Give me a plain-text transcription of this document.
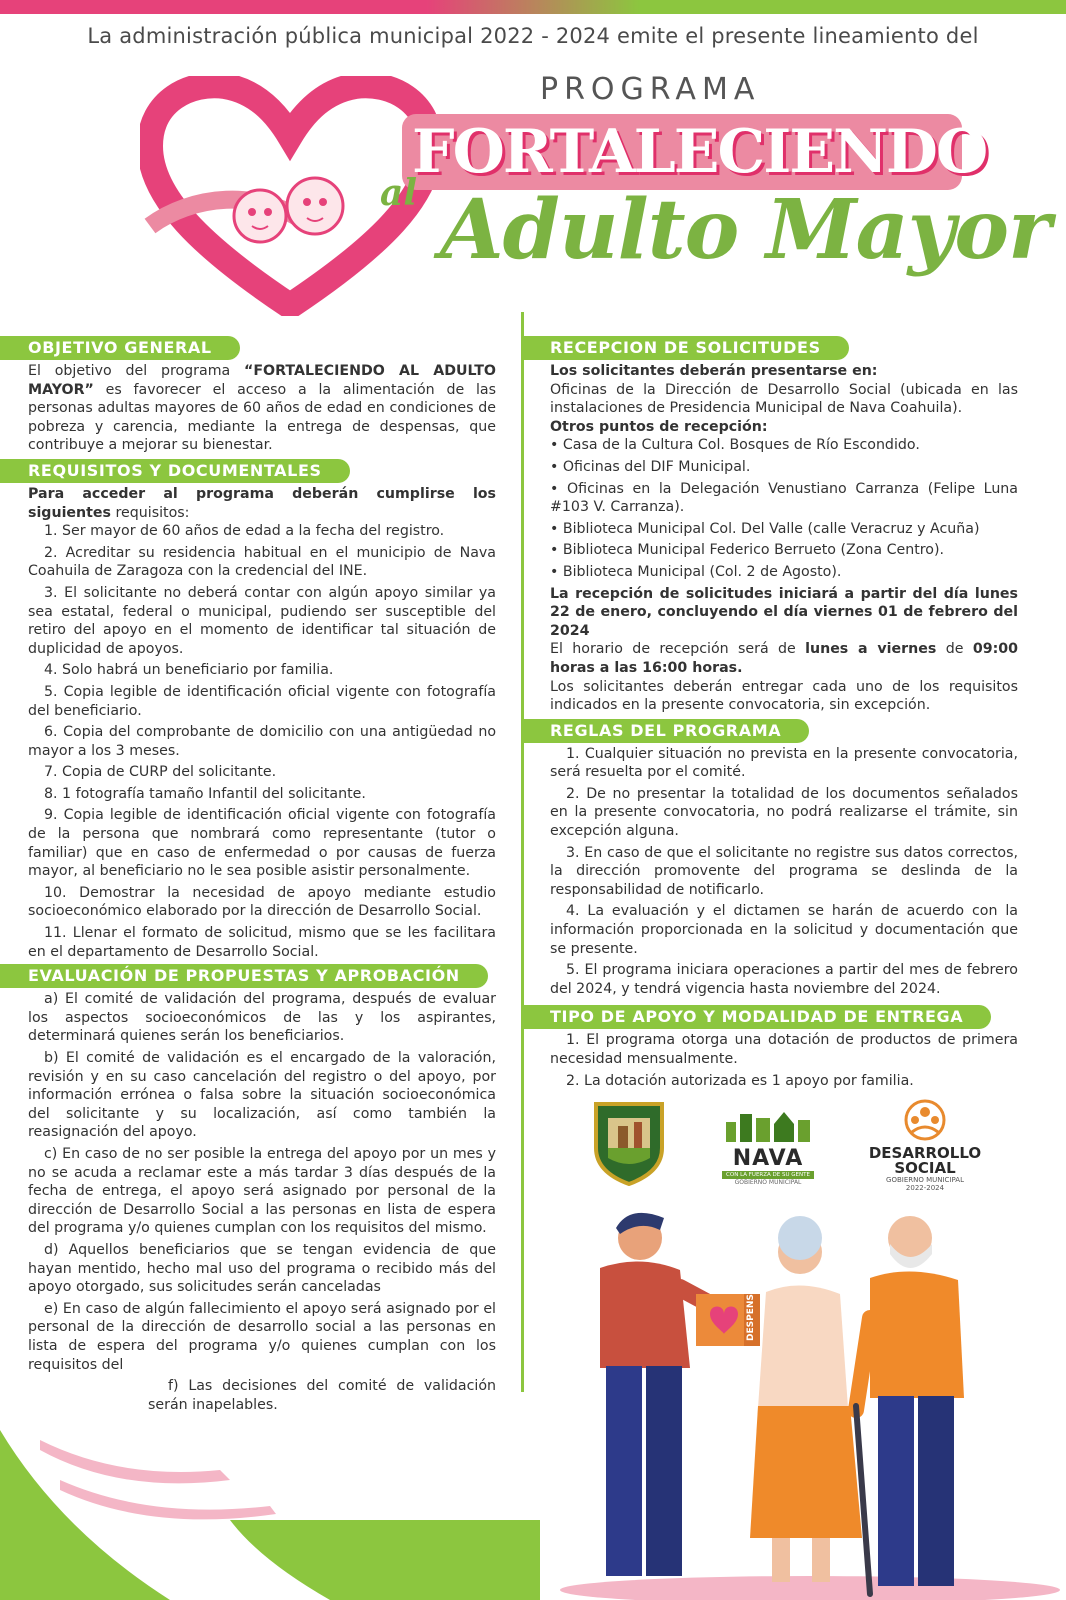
La administración pública municipal 2022 - 2024 emite el presente lineamiento del
PROGRAMA
FORTALECIENDO
al Adulto Mayor
OBJETIVO GENERAL

El objetivo del programa “FORTALECIENDO AL ADULTO MAYOR” es favorecer el acceso a la alimentación de las personas adultas mayores de 60 años de edad en condiciones de pobreza y carencia, mediante la entrega de despensas, que contribuye a mejorar su bienestar.

REQUISITOS Y DOCUMENTALES

Para acceder al programa deberán cumplirse los siguientes requisitos:

1. Ser mayor de 60 años de edad a la fecha del registro.

2. Acreditar su residencia habitual en el municipio de Nava Coahuila de Zaragoza con la credencial del INE.

3. El solicitante no deberá contar con algún apoyo similar ya sea estatal, federal o municipal, pudiendo ser susceptible del retiro del apoyo en el momento de identificar tal situación de duplicidad de apoyos.

4. Solo habrá un beneficiario por familia.

5. Copia legible de identificación oficial vigente con fotografía del beneficiario.

6. Copia del comprobante de domicilio con una antigüedad no mayor a los 3 meses.

7. Copia de CURP del solicitante.

8. 1 fotografía tamaño Infantil del solicitante.

9. Copia legible de identificación oficial vigente con fotografía de la persona que nombrará como representante (tutor o familiar) que en caso de enfermedad o por causas de fuerza mayor, al beneficiario no le sea posible asistir personalmente.

10. Demostrar la necesidad de apoyo mediante estudio socioeconómico elaborado por la dirección de Desarrollo Social.

11. Llenar el formato de solicitud, mismo que se les facilitara en el departamento de Desarrollo Social.

EVALUACIÓN DE PROPUESTAS Y APROBACIÓN

a) El comité de validación del programa, después de evaluar los aspectos socioeconómicos de las y los aspirantes, determinará quienes serán los beneficiarios.

b) El comité de validación es el encargado de la valoración, revisión y en su caso cancelación del registro o del apoyo, por información errónea o falsa sobre la situación socioeconómica del solicitante y su localización, así como también la reasignación del apoyo.

c) En caso de no ser posible la entrega del apoyo por un mes y no se acuda a reclamar este a más tardar 3 días después de la fecha de entrega, el apoyo será asignado por personal de la dirección de Desarrollo Social a las personas en lista de espera del programa y/o quienes cumplan con los requisitos del mismo.

d) Aquellos beneficiarios que se tengan evidencia de que hayan mentido, hecho mal uso del programa o recibido más del apoyo otorgado, sus solicitudes serán canceladas

e) En caso de algún fallecimiento el apoyo será asignado por el personal de la dirección de desarrollo social a las personas en lista de espera del programa y/o quienes cumplan con los requisitos del

f) Las decisiones del comité de validación serán inapelables.

RECEPCION DE SOLICITUDES

Los solicitantes deberán presentarse en:

Oficinas de la Dirección de Desarrollo Social (ubicada en las instalaciones de Presidencia Municipal de Nava Coahuila).

Otros puntos de recepción:

• Casa de la Cultura Col. Bosques de Río Escondido.

• Oficinas del DIF Municipal.

• Oficinas en la Delegación Venustiano Carranza (Felipe Luna #103 V. Carranza).

• Biblioteca Municipal Col. Del Valle (calle Veracruz y Acuña)

• Biblioteca Municipal Federico Berrueto (Zona Centro).

• Biblioteca Municipal (Col. 2 de Agosto).

La recepción de solicitudes iniciará a partir del día lunes 22 de enero, concluyendo el día viernes 01 de febrero del 2024

El horario de recepción será de lunes a viernes de 09:00 horas a las 16:00 horas.

Los solicitantes deberán entregar cada uno de los requisitos indicados en la presente convocatoria, sin excepción.

REGLAS DEL PROGRAMA

1. Cualquier situación no prevista en la presente convocatoria, será resuelta por el comité.

2. De no presentar la totalidad de los documentos señalados en la presente convocatoria, no podrá realizarse el trámite, sin excepción alguna.

3. En caso de que el solicitante no registre sus datos correctos, la dirección promovente del programa se deslinda de la responsabilidad de notificarlo.

4. La evaluación y el dictamen se harán de acuerdo con la información proporcionada en la solicitud y documentación que se presente.

5. El programa iniciara operaciones a partir del mes de febrero del 2024, y tendrá vigencia hasta noviembre del 2024.

TIPO DE APOYO Y MODALIDAD DE ENTREGA

1. El programa otorga una dotación de productos de primera necesidad mensualmente.

2. La dotación autorizada es 1 apoyo por familia.

NAVA
CON LA FUERZA DE SU GENTE
GOBIERNO MUNICIPAL
DESARROLLO
SOCIAL
GOBIERNO MUNICIPAL
2022-2024
DESPENSA
